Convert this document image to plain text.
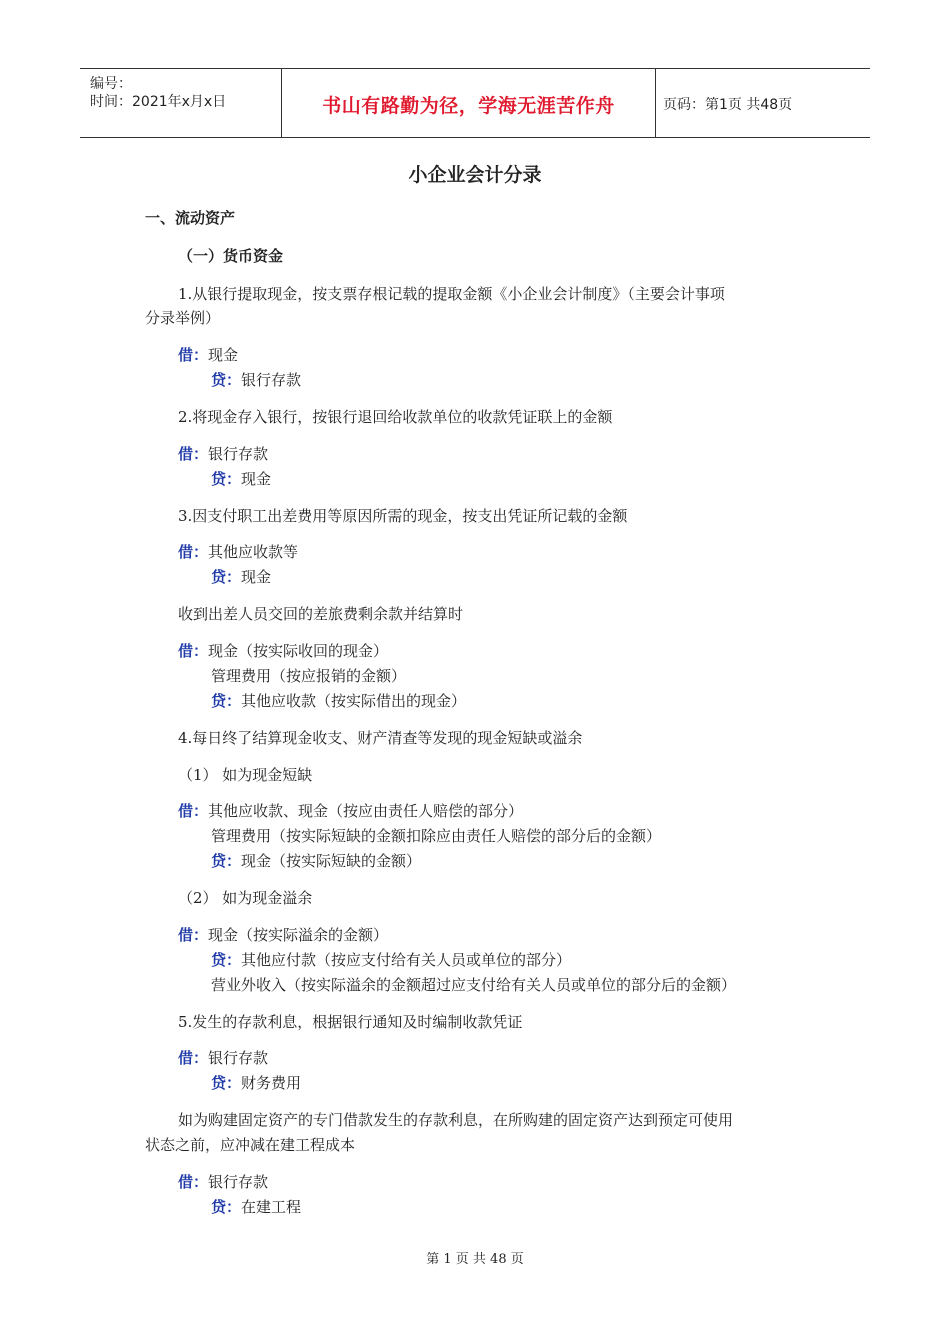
编号：
时间：2021年x月x日	书山有路勤为径，学海无涯苦作舟	页码：第1页 共48页
小企业会计分录
一、流动资产
（一）货币资金
1.从银行提取现金，按支票存根记载的提取金额《小企业会计制度》（主要会计事项
分录举例）
借：现金
贷：银行存款
2.将现金存入银行，按银行退回给收款单位的收款凭证联上的金额
借：银行存款
贷：现金
3.因支付职工出差费用等原因所需的现金，按支出凭证所记载的金额
借：其他应收款等
贷：现金
收到出差人员交回的差旅费剩余款并结算时
借：现金（按实际收回的现金）
管理费用（按应报销的金额）
贷：其他应收款（按实际借出的现金）
4.每日终了结算现金收支、财产清查等发现的现金短缺或溢余
（1） 如为现金短缺
借：其他应收款、现金（按应由责任人赔偿的部分）
管理费用（按实际短缺的金额扣除应由责任人赔偿的部分后的金额）
贷：现金（按实际短缺的金额）
（2） 如为现金溢余
借：现金（按实际溢余的金额）
贷：其他应付款（按应支付给有关人员或单位的部分）
营业外收入（按实际溢余的金额超过应支付给有关人员或单位的部分后的金额）
5.发生的存款利息，根据银行通知及时编制收款凭证
借：银行存款
贷：财务费用
如为购建固定资产的专门借款发生的存款利息，在所购建的固定资产达到预定可使用
状态之前，应冲减在建工程成本
借：银行存款
贷：在建工程
第 1 页 共 48 页
